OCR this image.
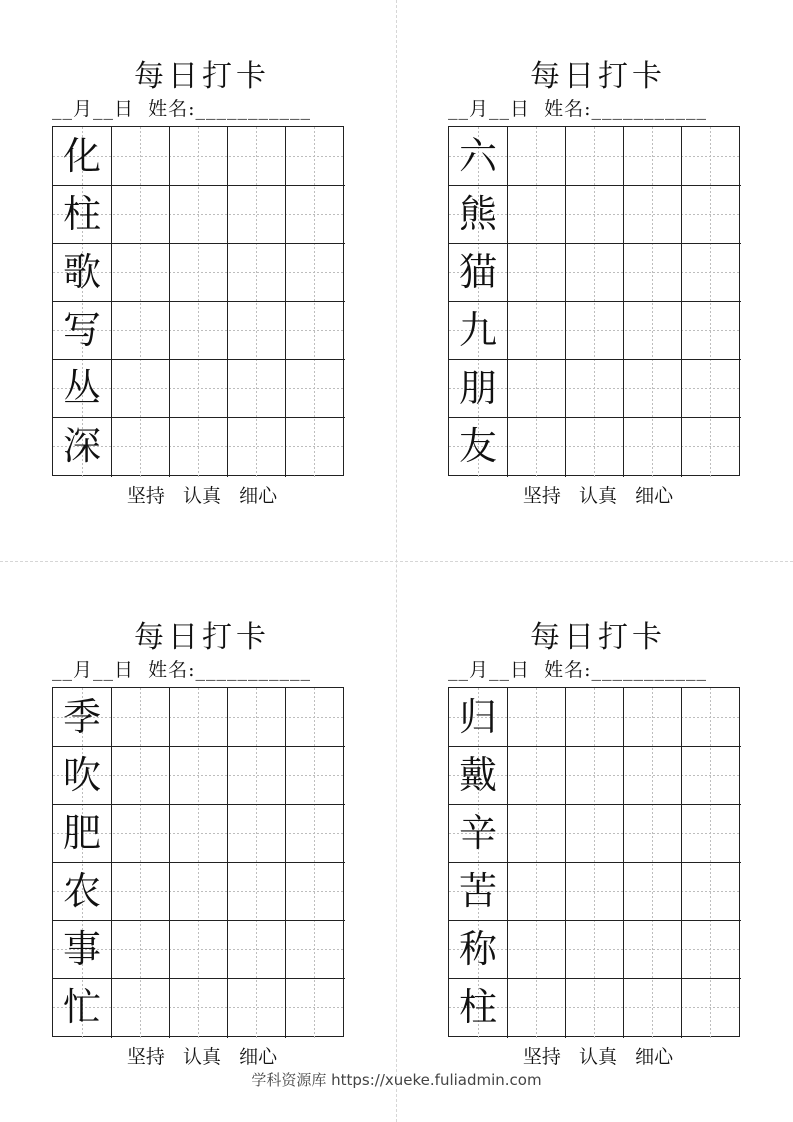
每日打卡
__月__日  姓名:___________
化
柱
歌
写
丛
深
坚持   认真   细心
每日打卡
__月__日  姓名:___________
六
熊
猫
九
朋
友
坚持   认真   细心
每日打卡
__月__日  姓名:___________
季
吹
肥
农
事
忙
坚持   认真   细心
每日打卡
__月__日  姓名:___________
归
戴
辛
苦
称
柱
坚持   认真   细心
学科资源库 https://xueke.fuliadmin.com
